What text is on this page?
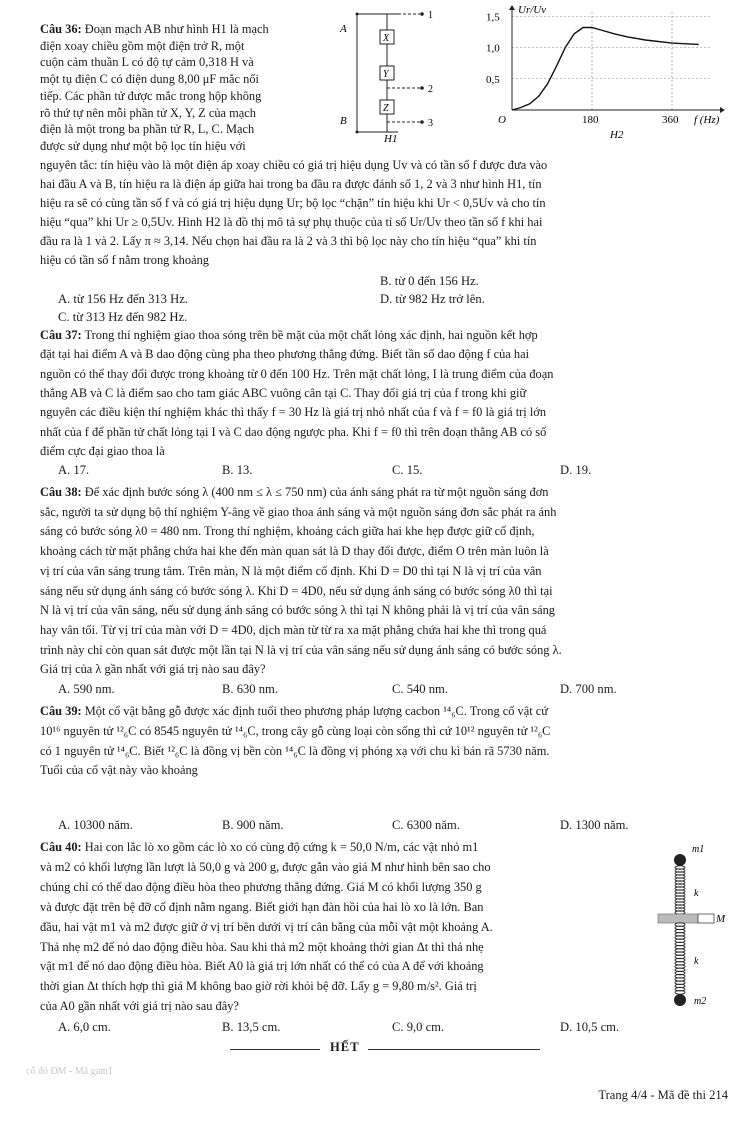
Câu 36: Đoạn mạch AB như hình H1 là mạch
điện xoay chiều gồm một điện trở R, một
cuộn cảm thuần L có độ tự cảm 0,318 H và
một tụ điện C có điện dung 8,00 μF mắc nối
tiếp. Các phần tử được mắc trong hộp không
rõ thứ tự nên mỗi phần tử X, Y, Z của mạch
điện là một trong ba phần tử R, L, C. Mạch
được sử dụng như một bộ lọc tín hiệu với
A
B
X
Y
Z
1
2
3
H1
180	360
0,5
1,0
1,5
O
Ur/Uv
f (Hz)
H2
nguyên tắc: tín hiệu vào là một điện áp xoay chiều có giá trị hiệu dụng Uv và có tần số f được đưa vào
hai đầu A và B, tín hiệu ra là điện áp giữa hai trong ba đầu ra được đánh số 1, 2 và 3 như hình H1, tín
hiệu ra sẽ có cùng tần số f và có giá trị hiệu dụng Ur; bộ lọc “chặn” tín hiệu khi Ur < 0,5Uv và cho tín
hiệu “qua” khi Ur ≥ 0,5Uv. Hình H2 là đồ thị mô tả sự phụ thuộc của tỉ số Ur/Uv theo tần số f khi hai
đầu ra là 1 và 2. Lấy π ≈ 3,14. Nếu chọn hai đầu ra là 2 và 3 thì bộ lọc này cho tín hiệu “qua” khi tín
hiệu có tần số f nằm trong khoảng
A. từ 156 Hz đến 313 Hz.
B. từ 0 đến 156 Hz.
C. từ 313 Hz đến 982 Hz.
D. từ 982 Hz trở lên.
Câu 37: Trong thí nghiệm giao thoa sóng trên bề mặt của một chất lỏng xác định, hai nguồn kết hợp
đặt tại hai điểm A và B dao động cùng pha theo phương thẳng đứng. Biết tần số dao động f của hai
nguồn có thể thay đổi được trong khoảng từ 0 đến 100 Hz. Trên mặt chất lỏng, I là trung điểm của đoạn
thẳng AB và C là điểm sao cho tam giác ABC vuông cân tại C. Thay đổi giá trị của f trong khi giữ
nguyên các điều kiện thí nghiệm khác thì thấy f = 30 Hz là giá trị nhỏ nhất của f và f = f0 là giá trị lớn
nhất của f để phần tử chất lỏng tại I và C dao động ngược pha. Khi f = f0 thì trên đoạn thẳng AB có số
điểm cực đại giao thoa là
A. 17.	B. 13.	C. 15.	D. 19.
Câu 38: Để xác định bước sóng λ (400 nm ≤ λ ≤ 750 nm) của ánh sáng phát ra từ một nguồn sáng đơn
sắc, người ta sử dụng bộ thí nghiệm Y-âng về giao thoa ánh sáng và một nguồn sáng đơn sắc phát ra ánh
sáng có bước sóng λ0 = 480 nm. Trong thí nghiệm, khoảng cách giữa hai khe hẹp được giữ cố định,
khoảng cách từ mặt phẳng chứa hai khe đến màn quan sát là D thay đổi được, điểm O trên màn luôn là
vị trí của vân sáng trung tâm. Trên màn, N là một điểm cố định. Khi D = D0 thì tại N là vị trí của vân
sáng nếu sử dụng ánh sáng có bước sóng λ. Khi D = 4D0, nếu sử dụng ánh sáng có bước sóng λ0 thì tại
N là vị trí của vân sáng, nếu sử dụng ánh sáng có bước sóng λ thì tại N không phải là vị trí của vân sáng
hay vân tối. Từ vị trí của màn với D = 4D0, dịch màn từ từ ra xa mặt phẳng chứa hai khe thì trong quá
trình này chỉ còn quan sát được một lần tại N là vị trí của vân sáng nếu sử dụng ánh sáng có bước sóng λ.
Giá trị của λ gần nhất với giá trị nào sau đây?
A. 590 nm.	B. 630 nm.	C. 540 nm.	D. 700 nm.
Câu 39: Một cổ vật bằng gỗ được xác định tuổi theo phương pháp lượng cacbon ¹⁴₆C. Trong cổ vật cứ
10¹⁶ nguyên tử ¹²₆C có 8545 nguyên tử ¹⁴₆C, trong cây gỗ cùng loại còn sống thì cứ 10¹² nguyên tử ¹²₆C
có 1 nguyên tử ¹⁴₆C. Biết ¹²₆C là đồng vị bền còn ¹⁴₆C là đồng vị phóng xạ với chu kì bán rã 5730 năm.
Tuổi của cổ vật này vào khoảng
A. 10300 năm.	B. 900 năm.	C. 6300 năm.	D. 1300 năm.
Câu 40: Hai con lắc lò xo gồm các lò xo có cùng độ cứng k = 50,0 N/m, các vật nhỏ m1
và m2 có khối lượng lần lượt là 50,0 g và 200 g, được gắn vào giá M như hình bên sao cho
chúng chỉ có thể dao động điều hòa theo phương thẳng đứng. Giá M có khối lượng 350 g
và được đặt trên bệ đỡ cố định nằm ngang. Biết giới hạn đàn hồi của hai lò xo là lớn. Ban
đầu, hai vật m1 và m2 được giữ ở vị trí bên dưới vị trí cân bằng của mỗi vật một khoảng A.
Thả nhẹ m2 để nó dao động điều hòa. Sau khi thả m2 một khoảng thời gian Δt thì thả nhẹ
vật m1 để nó dao động điều hòa. Biết A0 là giá trị lớn nhất có thể có của A để với khoảng
thời gian Δt thích hợp thì giá M không bao giờ rời khỏi bệ đỡ. Lấy g = 9,80 m/s². Giá trị
của A0 gần nhất với giá trị nào sau đây?
A. 6,0 cm.	B. 13,5 cm.	C. 9,0 cm.	D. 10,5 cm.
m1
m2
k
k
M
HẾT
cổ đó ĐM - Mã gam1
Trang 4/4 - Mã đề thi 214
